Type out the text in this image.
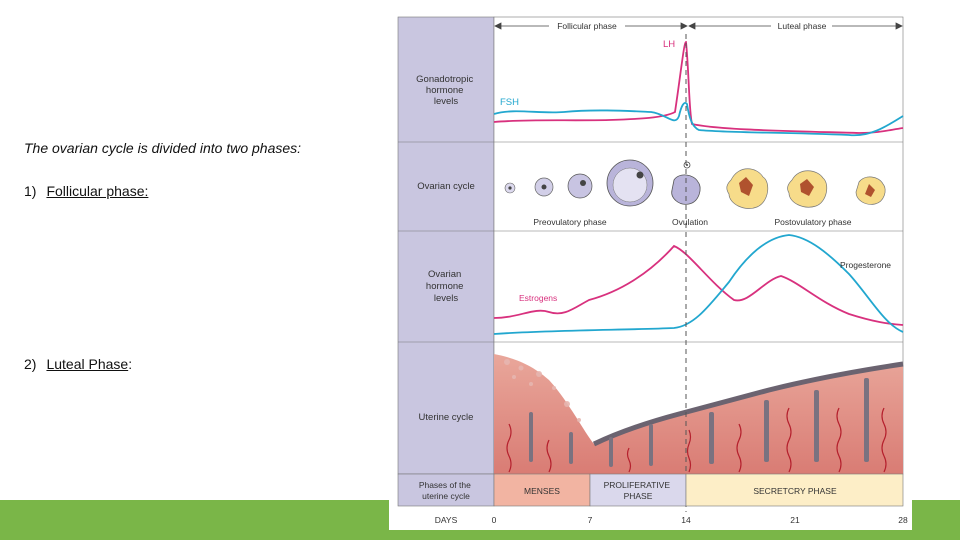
The ovarian cycle is divided into two phases:
1) Follicular phase:
2) Luteal Phase:
Follicular phase	Luteal phase
Gonadotropic hormone levels
Ovarian cycle
Ovarian hormone levels
Uterine cycle
LH
FSH
Preovulatory phase	Ovulation	Postovulatory phase
Estrogens
Progesterone
Phases of the uterine cycle	MENSES
PROLIFERATIVE PHASE	SECRETCRY PHASE
DAYS	0	7	14	21	28
